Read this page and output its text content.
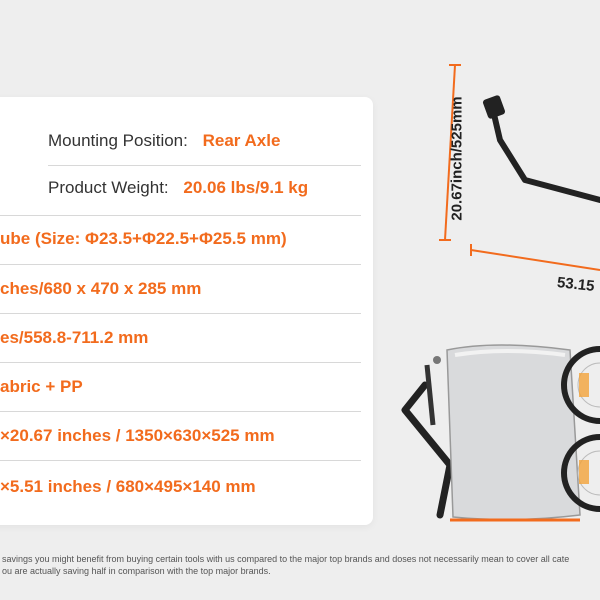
Mounting Position: Rear Axle
Product Weight: 20.06 lbs/9.1 kg
ube (Size: Φ23.5+Φ22.5+Φ25.5 mm)
ches/680 x 470 x 285 mm
es/558.8-711.2 mm
abric + PP
×20.67 inches / 1350×630×525 mm
×5.51 inches / 680×495×140 mm
20.67inch/525mm
53.15
savings you might benefit from buying certain tools with us compared to the major top brands and doses not necessarily mean to cover all cate
ou are actually saving half in comparison with the top major brands.
